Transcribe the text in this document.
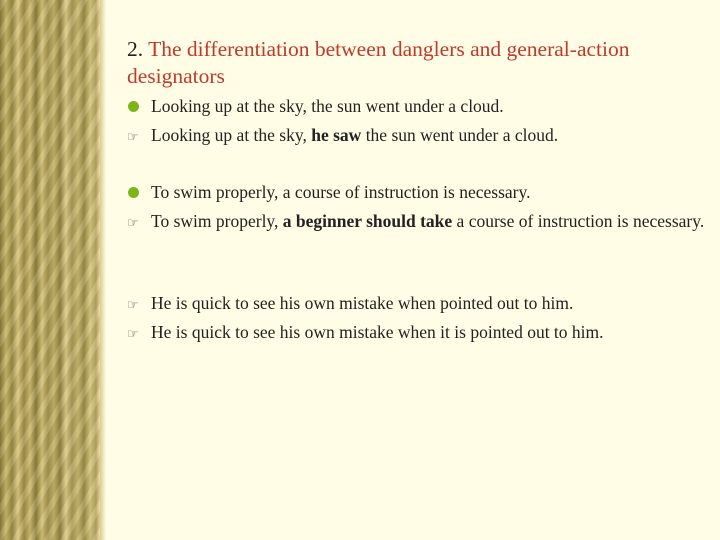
2. The differentiation between danglers and general-action designators
Looking up at the sky, the sun went under a cloud.
☞ Looking up at the sky, he saw the sun went under a cloud.
To swim properly, a course of instruction is necessary.
☞ To swim properly, a beginner should take a course of instruction is necessary.
☞ He is quick to see his own mistake when pointed out to him.
☞ He is quick to see his own mistake when it is pointed out to him.
